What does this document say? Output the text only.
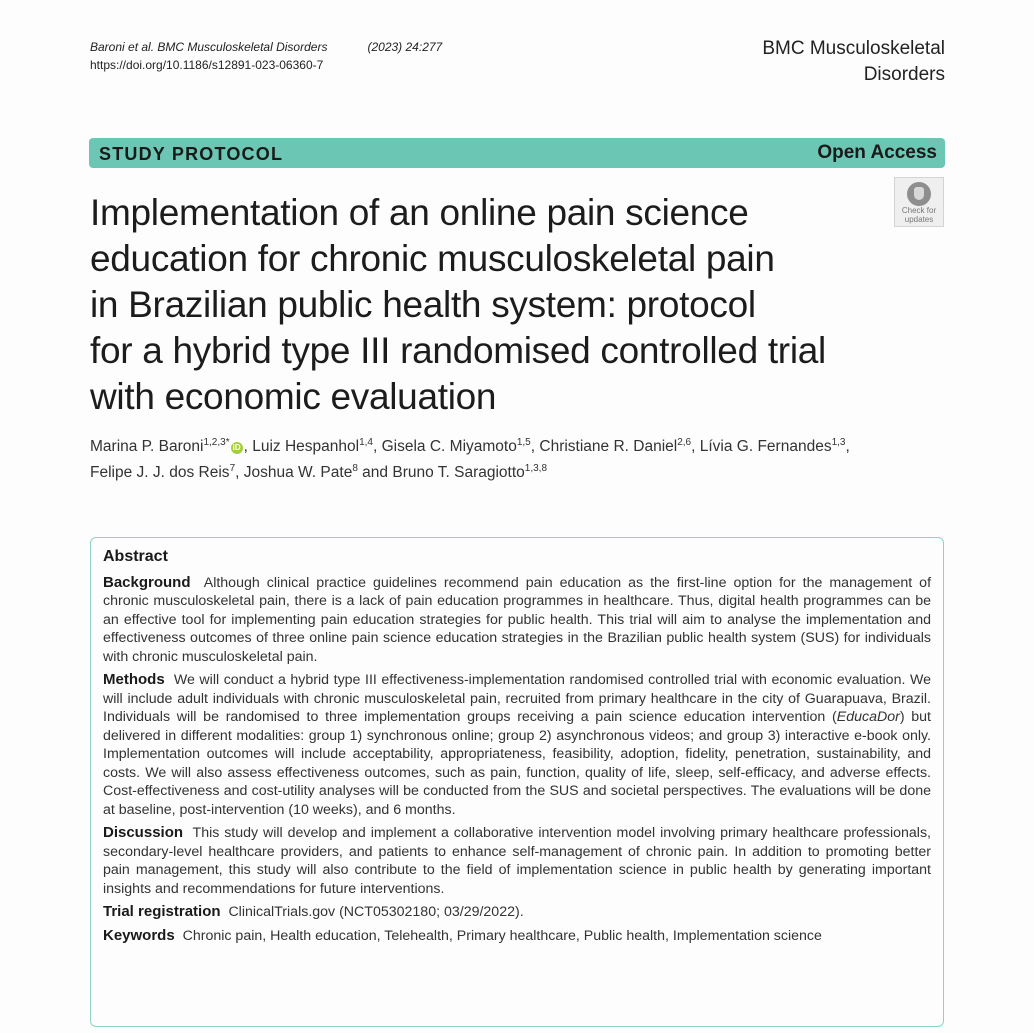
Baroni et al. BMC Musculoskeletal Disorders	(2023) 24:277
https://doi.org/10.1186/s12891-023-06360-7
BMC Musculoskeletal
Disorders
STUDY PROTOCOL	Open Access
Check for
updates
Implementation of an online pain science
education for chronic musculoskeletal pain
in Brazilian public health system: protocol
for a hybrid type III randomised controlled trial
with economic evaluation
Marina P. Baroni$^{1,2,3*}$ iD , Luiz Hespanhol$^{1,4}$, Gisela C. Miyamoto$^{1,5}$, Christiane R. Daniel$^{2,6}$, Lívia G. Fernandes$^{1,3}$,
Felipe J. J. dos Reis$^7$, Joshua W. Pate$^8$ and Bruno T. Saragiotto$^{1,3,8}$
Abstract

Background Although clinical practice guidelines recommend pain education as the first-line option for the management of chronic musculoskeletal pain, there is a lack of pain education programmes in healthcare. Thus, digital health programmes can be an effective tool for implementing pain education strategies for public health. This trial will aim to analyse the implementation and effectiveness outcomes of three online pain science education strategies in the Brazilian public health system (SUS) for individuals with chronic musculoskeletal pain.

Methods We will conduct a hybrid type III effectiveness-implementation randomised controlled trial with economic evaluation. We will include adult individuals with chronic musculoskeletal pain, recruited from primary healthcare in the city of Guarapuava, Brazil. Individuals will be randomised to three implementation groups receiving a pain science education intervention (EducaDor) but delivered in different modalities: group 1) synchronous online; group 2) asynchronous videos; and group 3) interactive e-book only. Implementation outcomes will include acceptability, appropriateness, feasibility, adoption, fidelity, penetration, sustainability, and costs. We will also assess effectiveness outcomes, such as pain, function, quality of life, sleep, self-efficacy, and adverse effects. Cost-effectiveness and cost-utility analyses will be conducted from the SUS and societal perspectives. The evaluations will be done at baseline, post-intervention (10 weeks), and 6 months.

Discussion This study will develop and implement a collaborative intervention model involving primary healthcare professionals, secondary-level healthcare providers, and patients to enhance self-management of chronic pain. In addition to promoting better pain management, this study will also contribute to the field of implementation science in public health by generating important insights and recommendations for future interventions.

Trial registration ClinicalTrials.gov (NCT05302180; 03/29/2022).

Keywords Chronic pain, Health education, Telehealth, Primary healthcare, Public health, Implementation science
